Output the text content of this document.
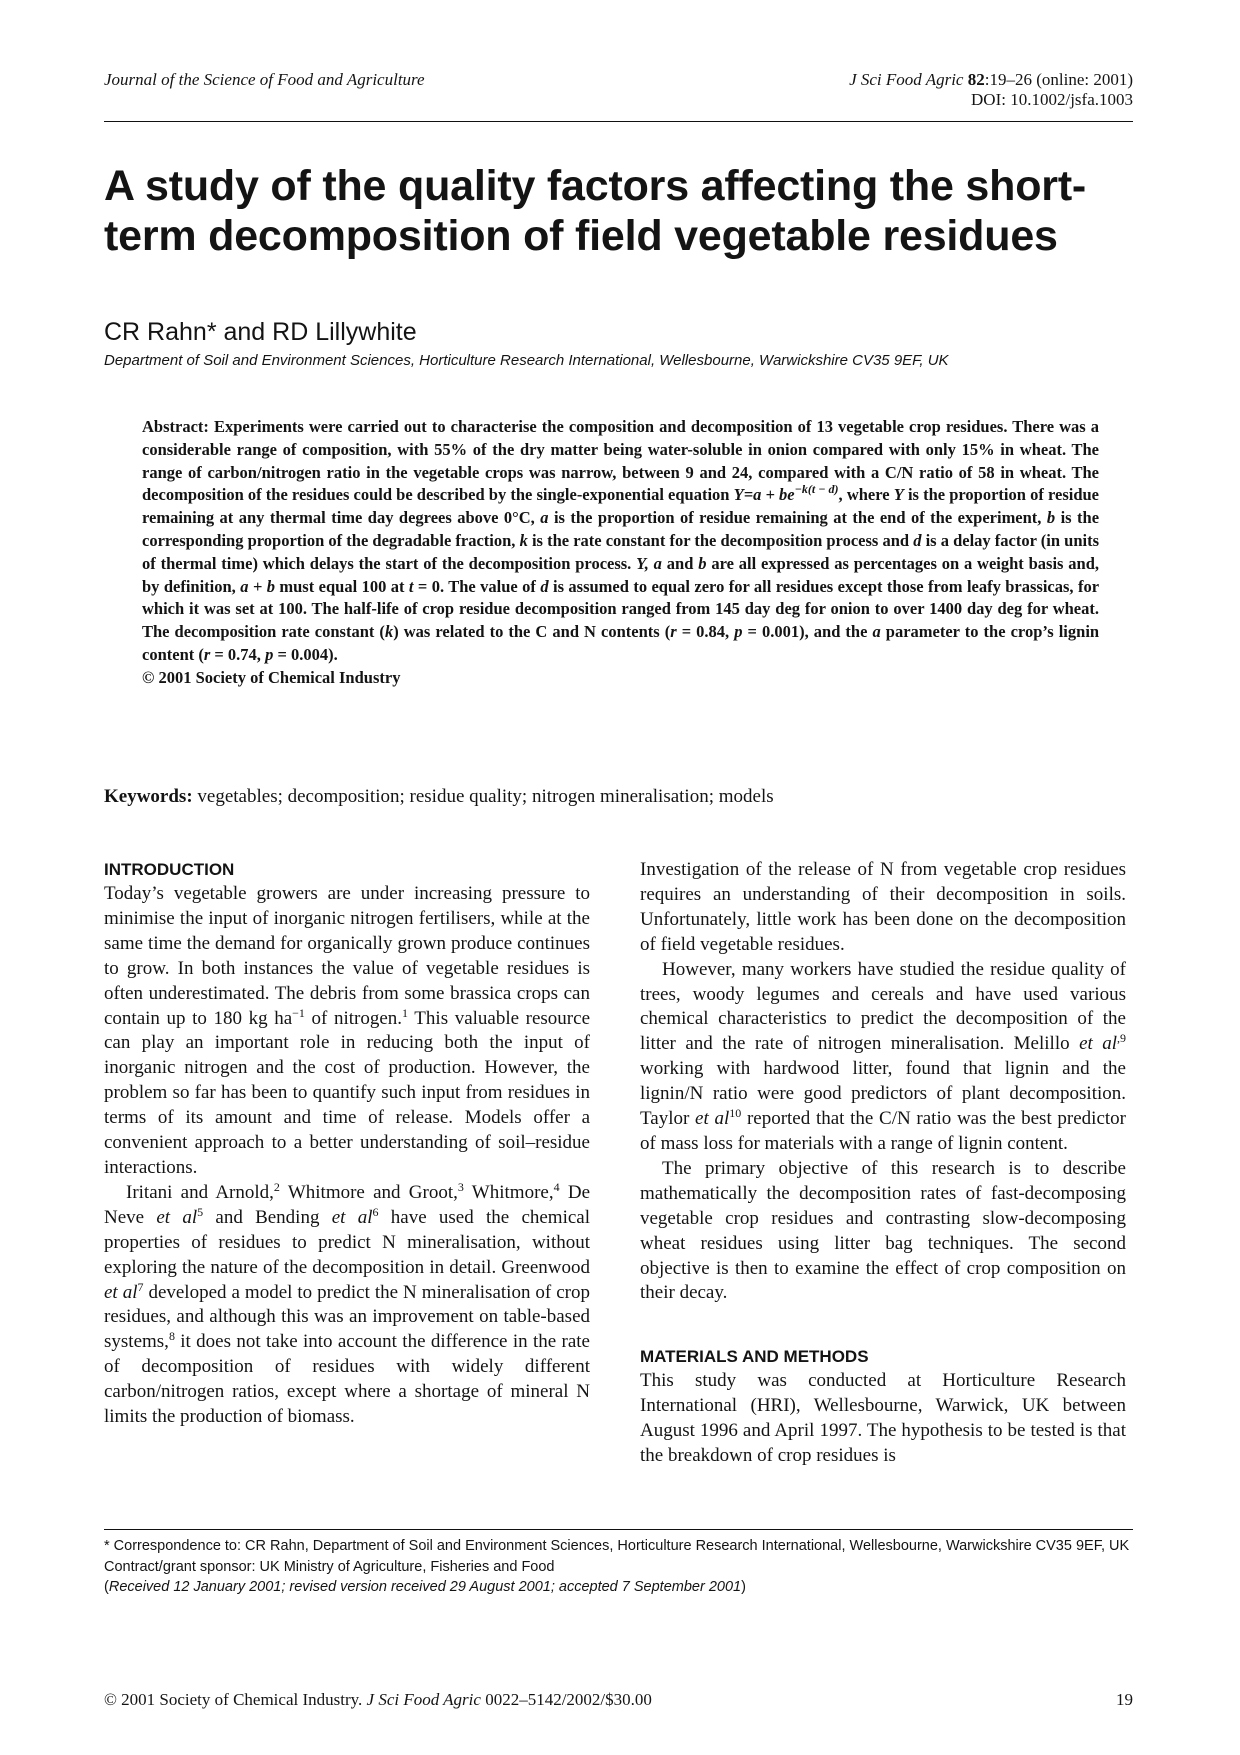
Journal of the Science of Food and Agriculture	J Sci Food Agric 82:19–26 (online: 2001)
DOI: 10.1002/jsfa.1003
A study of the quality factors affecting the short-term decomposition of field vegetable residues
CR Rahn* and RD Lillywhite
Department of Soil and Environment Sciences, Horticulture Research International, Wellesbourne, Warwickshire CV35 9EF, UK

Abstract: Experiments were carried out to characterise the composition and decomposition of 13 vegetable crop residues. There was a considerable range of composition, with 55% of the dry matter being water-soluble in onion compared with only 15% in wheat. The range of carbon/nitrogen ratio in the vegetable crops was narrow, between 9 and 24, compared with a C/N ratio of 58 in wheat. The decomposition of the residues could be described by the single-exponential equation $Y=a + be^{-k(t - d)}$, where Y is the proportion of residue remaining at any thermal time day degrees above 0°C, a is the proportion of residue remaining at the end of the experiment, b is the corresponding proportion of the degradable fraction, k is the rate constant for the decomposition process and d is a delay factor (in units of thermal time) which delays the start of the decomposition process. Y, a and b are all expressed as percentages on a weight basis and, by definition, a + b must equal 100 at t = 0. The value of d is assumed to equal zero for all residues except those from leafy brassicas, for which it was set at 100. The half-life of crop residue decomposition ranged from 145 day deg for onion to over 1400 day deg for wheat. The decomposition rate constant (k) was related to the C and N contents (r = 0.84, p = 0.001), and the a parameter to the crop’s lignin content (r = 0.74, p = 0.004).

© 2001 Society of Chemical Industry

Keywords: vegetables; decomposition; residue quality; nitrogen mineralisation; models

INTRODUCTION

Today’s vegetable growers are under increasing pressure to minimise the input of inorganic nitrogen fertilisers, while at the same time the demand for organically grown produce continues to grow. In both instances the value of vegetable residues is often underestimated. The debris from some brassica crops can contain up to 180 kg $ha^{-1}$ of nitrogen.$^1$ This valuable resource can play an important role in reducing both the input of inorganic nitrogen and the cost of production. However, the problem so far has been to quantify such input from residues in terms of its amount and time of release. Models offer a convenient approach to a better understanding of soil–residue interactions.

Iritani and Arnold,$^2$ Whitmore and Groot,$^3$ Whitmore,$^4$ De Neve et $al^5$ and Bending et $al^6$ have used the chemical properties of residues to predict N mineralisation, without exploring the nature of the decomposition in detail. Greenwood et $al^7$ developed a model to predict the N mineralisation of crop residues, and although this was an improvement on table-based systems,$^8$ it does not take into account the difference in the rate of decomposition of residues with widely different carbon/nitrogen ratios, except where a shortage of mineral N limits the production of biomass.

Investigation of the release of N from vegetable crop residues requires an understanding of their decomposition in soils. Unfortunately, little work has been done on the decomposition of field vegetable residues.

However, many workers have studied the residue quality of trees, woody legumes and cereals and have used various chemical characteristics to predict the decomposition of the litter and the rate of nitrogen mineralisation. Melillo et $al^{,9}$ working with hardwood litter, found that lignin and the lignin/N ratio were good predictors of plant decomposition. Taylor et $al^{10}$ reported that the C/N ratio was the best predictor of mass loss for materials with a range of lignin content.

The primary objective of this research is to describe mathematically the decomposition rates of fast-decomposing vegetable crop residues and contrasting slow-decomposing wheat residues using litter bag techniques. The second objective is then to examine the effect of crop composition on their decay.

MATERIALS AND METHODS

This study was conducted at Horticulture Research International (HRI), Wellesbourne, Warwick, UK between August 1996 and April 1997. The hypothesis to be tested is that the breakdown of crop residues is

* Correspondence to: CR Rahn, Department of Soil and Environment Sciences, Horticulture Research International, Wellesbourne, Warwickshire CV35 9EF, UK

Contract/grant sponsor: UK Ministry of Agriculture, Fisheries and Food

(Received 12 January 2001; revised version received 29 August 2001; accepted 7 September 2001)

© 2001 Society of Chemical Industry. J Sci Food Agric 0022–5142/2002/$30.00	19
